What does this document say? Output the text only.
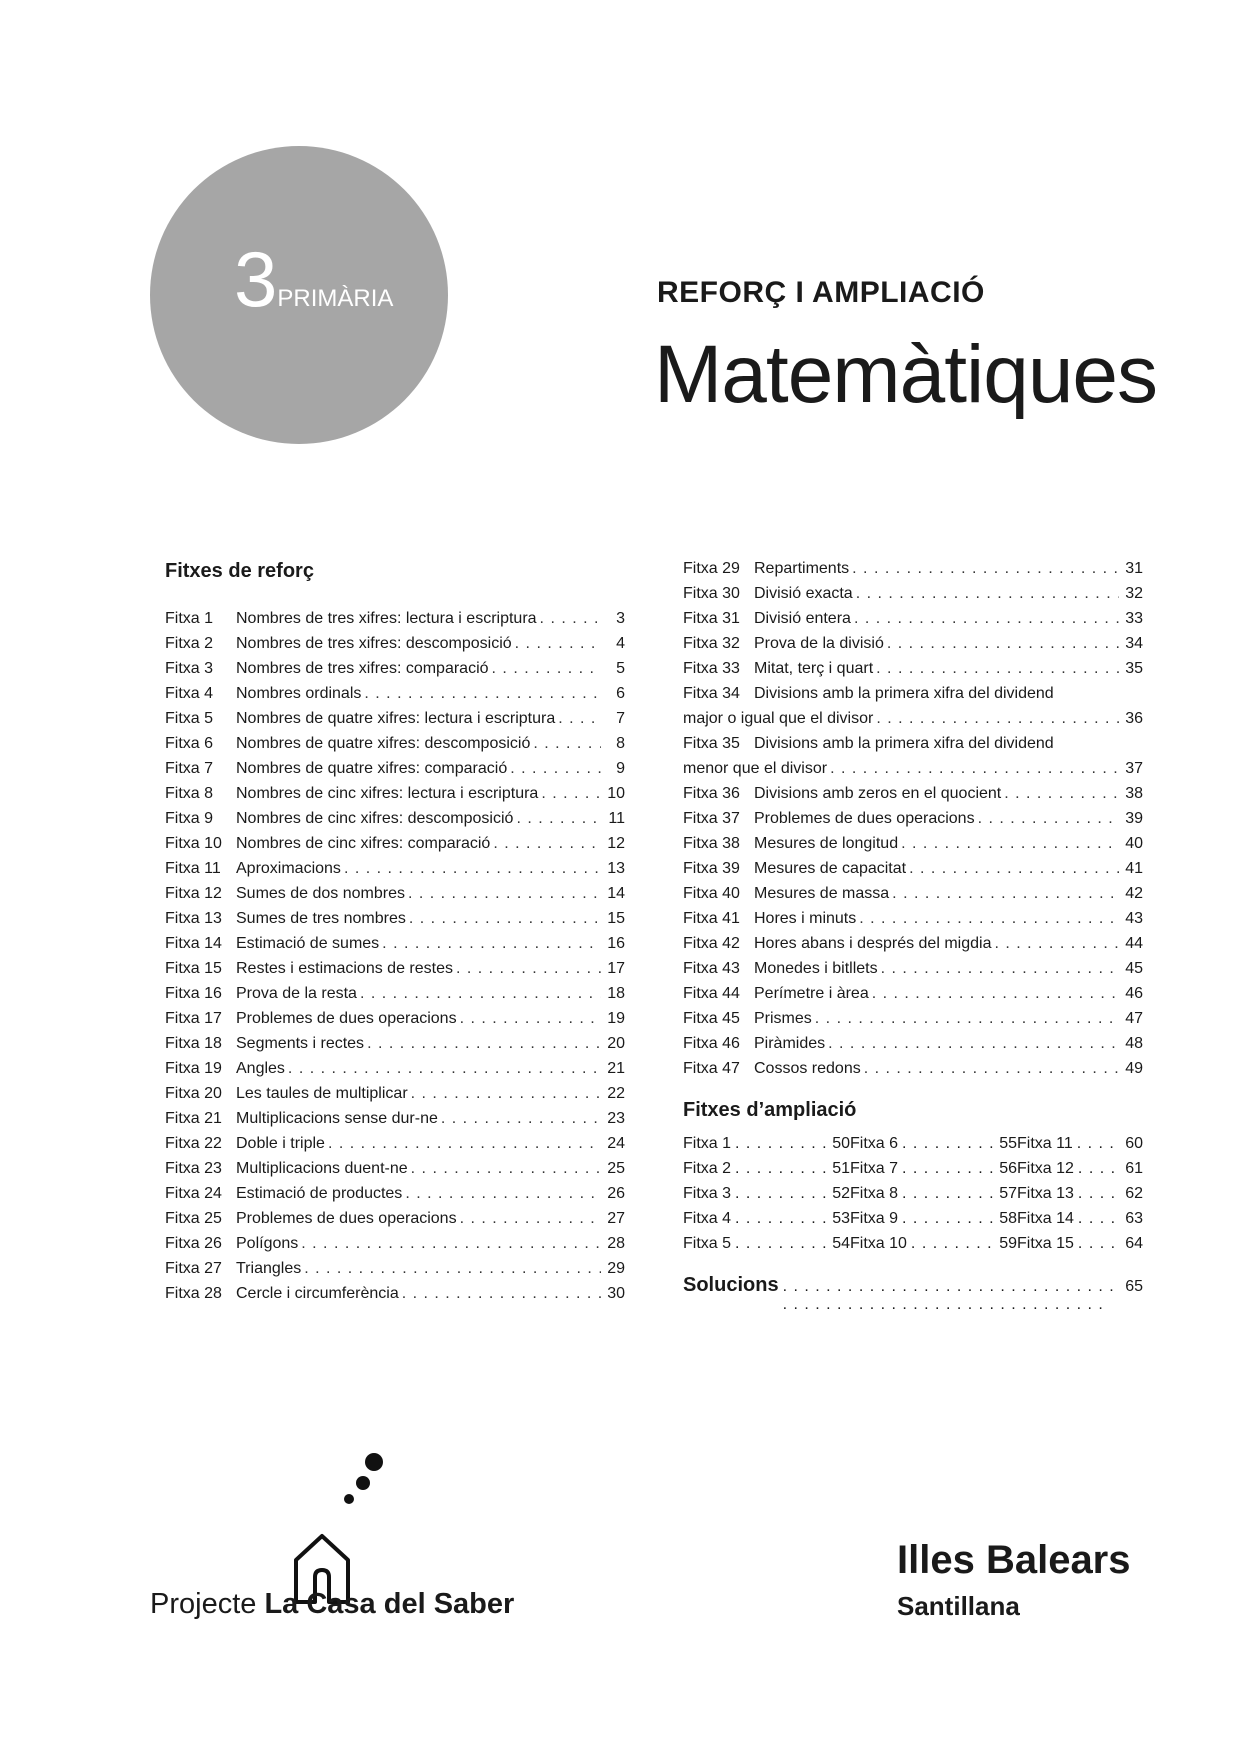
3PRIMÀRIA	REFORÇ I AMPLIACIÓ
Matemàtiques
Fitxes de reforç
Fitxa 1	Nombres de tres xifres: lectura i escriptura . . .	3
Fitxa 2	Nombres de tres xifres: descomposició . . .	4
Fitxa 3	Nombres de tres xifres: comparació . . .	5
Fitxa 4	Nombres ordinals . . .	6
Fitxa 5	Nombres de quatre xifres: lectura i escriptura . . .	7
Fitxa 6	Nombres de quatre xifres: descomposició . . .	8
Fitxa 7	Nombres de quatre xifres: comparació . . .	9
Fitxa 8	Nombres de cinc xifres: lectura i escriptura . . .	10
Fitxa 9	Nombres de cinc xifres: descomposició . . .	11
Fitxa 10 Nombres de cinc xifres: comparació . . .	12
Fitxa 11 Aproximacions . . .	13
Fitxa 12 Sumes de dos nombres . . .	14
Fitxa 13 Sumes de tres nombres . . .	15
Fitxa 14 Estimació de sumes . . .	16
Fitxa 15 Restes i estimacions de restes . . .	17
Fitxa 16 Prova de la resta . . .	18
Fitxa 17 Problemes de dues operacions . . .	19
Fitxa 18 Segments i rectes . . .	20
Fitxa 19 Angles . . .	21
Fitxa 20 Les taules de multiplicar . . .	22
Fitxa 21 Multiplicacions sense dur-ne . . .	23
Fitxa 22 Doble i triple . . .	24
Fitxa 23 Multiplicacions duent-ne . . .	25
Fitxa 24 Estimació de productes . . .	26
Fitxa 25 Problemes de dues operacions . . .	27
Fitxa 26 Polígons . . .	28
Fitxa 27 Triangles . . .	29
Fitxa 28 Cercle i circumferència . . .	30
Fitxa 29 Repartiments . . .	31
Fitxa 30 Divisió exacta . . .	32
Fitxa 31 Divisió entera . . .	33
Fitxa 32 Prova de la divisió . . .	34
Fitxa 33 Mitat, terç i quart . . .	35
Fitxa 34 Divisions amb la primera xifra del dividend
major o igual que el divisor . . .	36
Fitxa 35 Divisions amb la primera xifra del dividend
menor que el divisor . . .	37
Fitxa 36 Divisions amb zeros en el quocient . . .	38
Fitxa 37 Problemes de dues operacions . . .	39
Fitxa 38 Mesures de longitud . . .	40
Fitxa 39 Mesures de capacitat . . .	41
Fitxa 40 Mesures de massa . . .	42
Fitxa 41 Hores i minuts . . .	43
Fitxa 42 Hores abans i després del migdia . . .	44
Fitxa 43 Monedes i bitllets . . .	45
Fitxa 44 Perímetre i àrea . . .	46
Fitxa 45 Prismes . . .	47
Fitxa 46 Piràmides . . .	48
Fitxa 47 Cossos redons . . .	49
Fitxes d’ampliació
Fitxa 1 . . .	50 Fitxa 6 . . .	55 Fitxa 11 . . .	60
Fitxa 2 . . .	51 Fitxa 7 . . .	56 Fitxa 12 . . .	61
Fitxa 3 . . .	52 Fitxa 8 . . .	57 Fitxa 13 . . .	62
Fitxa 4 . . .	53 Fitxa 9 . . .	58 Fitxa 14 . . .	63
Fitxa 5 . . .	54 Fitxa 10 . . .	59 Fitxa 15 . . .	64
Solucions . . .	65
Projecte La Casa del Saber
Illes Balears
Santillana
